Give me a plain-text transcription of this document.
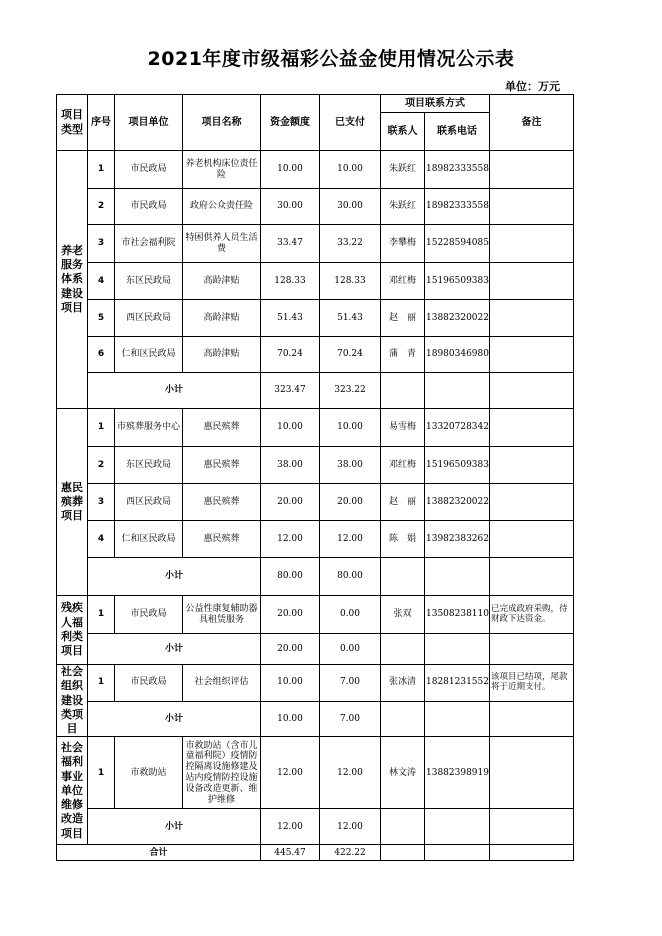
2021年度市级福彩公益金使用情况公示表
单位：万元
项目类型	序号	项目单位	项目名称	资金额度	已支付	项目联系方式		备注
						联系人	联系电话	
养老服务体系建设项目	1	市民政局	养老机构床位责任险	10.00	10.00	朱跃红	18982333558	
	2	市民政局	政府公众责任险	30.00	30.00	朱跃红	18982333558	
	3	市社会福利院	特困供养人员生活费	33.47	33.22	李攀梅	15228594085	
	4	东区民政局	高龄津贴	128.33	128.33	邓红梅	15196509383	
	5	西区民政局	高龄津贴	51.43	51.43	赵　丽	13882320022	
	6	仁和区民政局	高龄津贴	70.24	70.24	蒲　青	18980346980	
	小计			323.47	323.22			
惠民殡葬项目	1	市殡葬服务中心	惠民殡葬	10.00	10.00	易雪梅	13320728342	
	2	东区民政局	惠民殡葬	38.00	38.00	邓红梅	15196509383	
	3	西区民政局	惠民殡葬	20.00	20.00	赵　丽	13882320022	
	4	仁和区民政局	惠民殡葬	12.00	12.00	陈　娟	13982383262	
	小计			80.00	80.00			
残疾人福利类项目	1	市民政局	公益性康复辅助器具租赁服务	20.00	0.00	张双	13508238110	已完成政府采购，待财政下达资金。
	小计			20.00	0.00			
社会组织建设类项目	1	市民政局	社会组织评估	10.00	7.00	张冰清	18281231552	该项目已结项，尾款将于近期支付。
	小计			10.00	7.00			
社会福利事业单位维修改造项目	1	市救助站	市救助站（含市儿童福利院）疫情防控隔离设施修建及站内疫情防控设施设备改造更新、维护维修	12.00	12.00	林文涛	13882398919	
	小计			12.00	12.00			
合计				445.47	422.22			
